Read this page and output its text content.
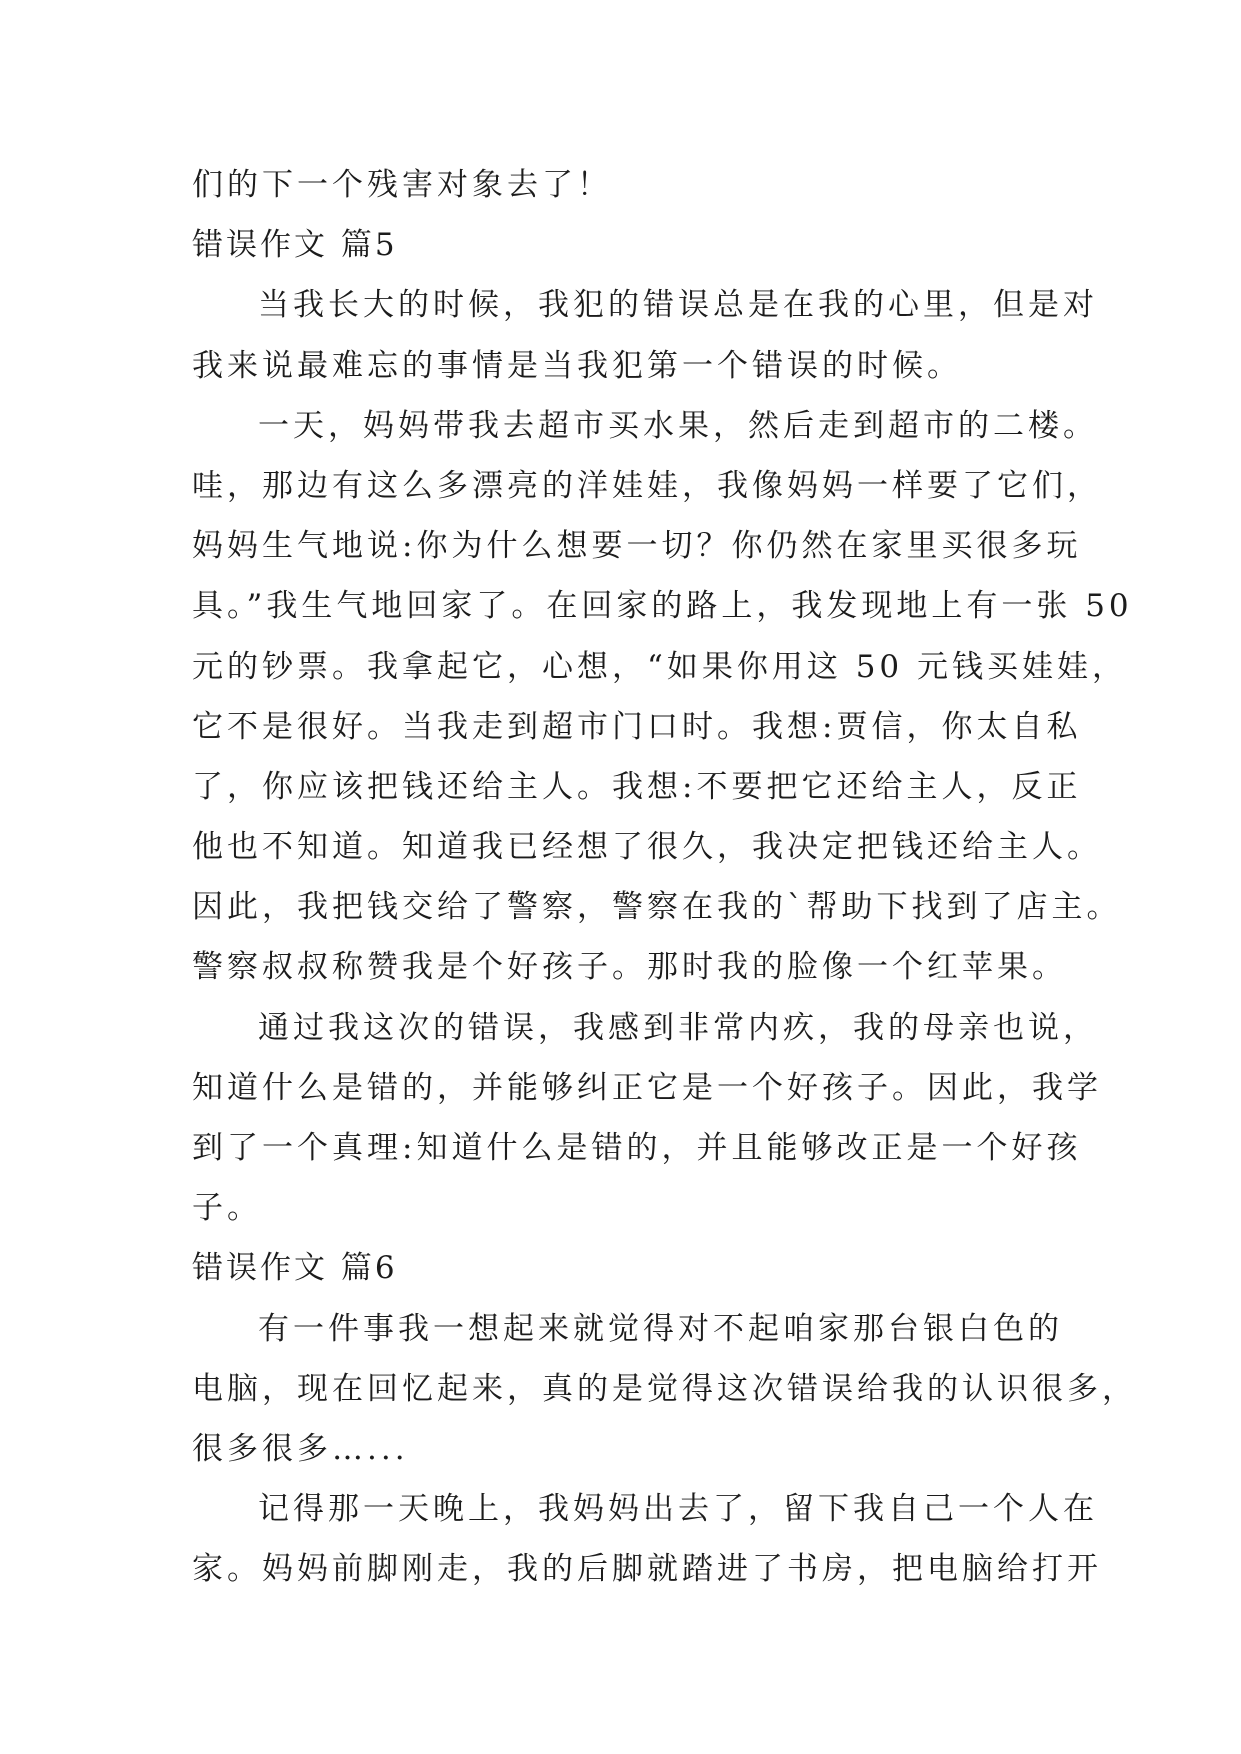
们的下一个残害对象去了！
错误作文 篇5
当我长大的时候，我犯的错误总是在我的心里，但是对
我来说最难忘的事情是当我犯第一个错误的时候。
一天，妈妈带我去超市买水果，然后走到超市的二楼。
哇，那边有这么多漂亮的洋娃娃，我像妈妈一样要了它们，
妈妈生气地说:你为什么想要一切？你仍然在家里买很多玩
具。”我生气地回家了。在回家的路上，我发现地上有一张 50
元的钞票。我拿起它，心想，“如果你用这 50 元钱买娃娃，
它不是很好。当我走到超市门口时。我想:贾信，你太自私
了，你应该把钱还给主人。我想:不要把它还给主人，反正
他也不知道。知道我已经想了很久，我决定把钱还给主人。
因此，我把钱交给了警察，警察在我的`帮助下找到了店主。
警察叔叔称赞我是个好孩子。那时我的脸像一个红苹果。
通过我这次的错误，我感到非常内疚，我的母亲也说，
知道什么是错的，并能够纠正它是一个好孩子。因此，我学
到了一个真理:知道什么是错的，并且能够改正是一个好孩
子。
错误作文 篇6
有一件事我一想起来就觉得对不起咱家那台银白色的
电脑，现在回忆起来，真的是觉得这次错误给我的认识很多，
很多很多…...
记得那一天晚上，我妈妈出去了，留下我自己一个人在
家。妈妈前脚刚走，我的后脚就踏进了书房，把电脑给打开
